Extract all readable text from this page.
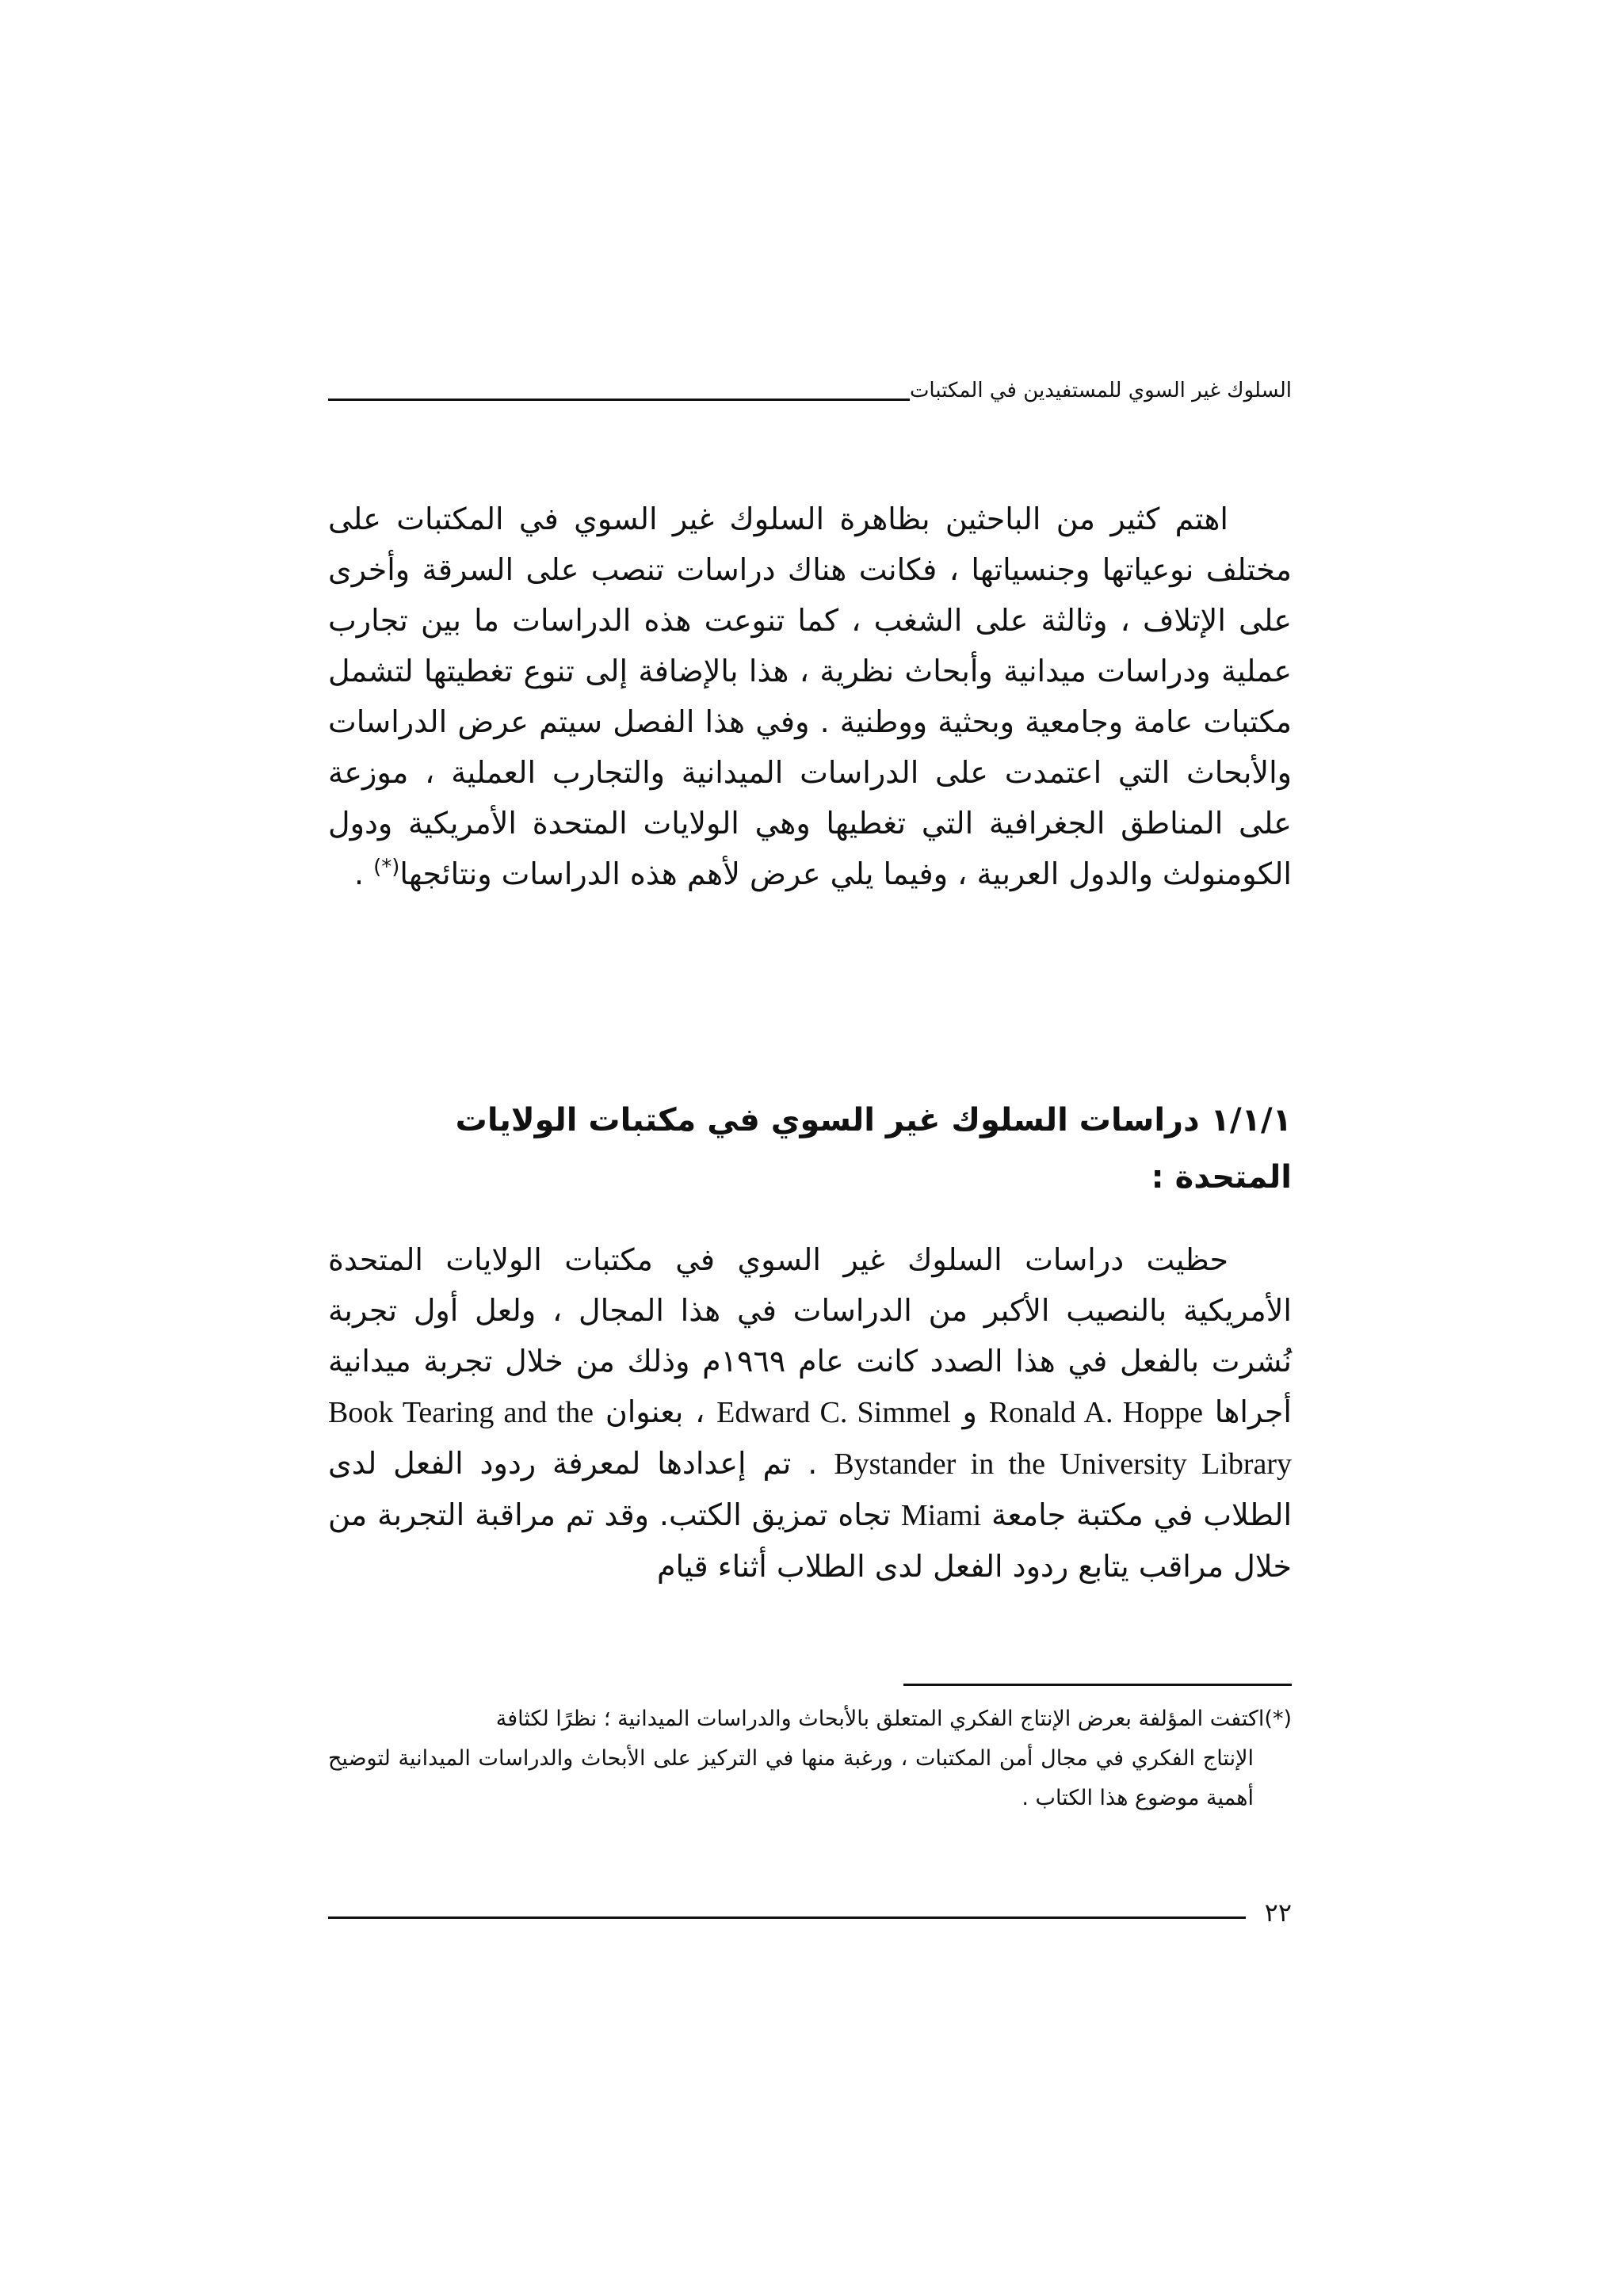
السلوك غير السوي للمستفيدين في المكتبات

اهتم كثير من الباحثين بظاهرة السلوك غير السوي في المكتبات على مختلف نوعياتها وجنسياتها ، فكانت هناك دراسات تنصب على السرقة وأخرى على الإتلاف ، وثالثة على الشغب ، كما تنوعت هذه الدراسات ما بين تجارب عملية ودراسات ميدانية وأبحاث نظرية ، هذا بالإضافة إلى تنوع تغطيتها لتشمل مكتبات عامة وجامعية وبحثية ووطنية . وفي هذا الفصل سيتم عرض الدراسات والأبحاث التي اعتمدت على الدراسات الميدانية والتجارب العملية ، موزعة على المناطق الجغرافية التي تغطيها وهي الولايات المتحدة الأمريكية ودول الكومنولث والدول العربية ، وفيما يلي عرض لأهم هذه الدراسات ونتائجها(*) .

١/١/١ دراسات السلوك غير السوي في مكتبات الولايات المتحدة :

حظيت دراسات السلوك غير السوي في مكتبات الولايات المتحدة الأمريكية بالنصيب الأكبر من الدراسات في هذا المجال ، ولعل أول تجربة نُشرت بالفعل في هذا الصدد كانت عام ١٩٦٩م وذلك من خلال تجربة ميدانية أجراها Ronald A. Hoppe و Edward C. Simmel ، بعنوان Book Tearing and the Bystander in the University Library . تم إعدادها لمعرفة ردود الفعل لدى الطلاب في مكتبة جامعة Miami تجاه تمزيق الكتب. وقد تم مراقبة التجربة من خلال مراقب يتابع ردود الفعل لدى الطلاب أثناء قيام

(*)اكتفت المؤلفة بعرض الإنتاج الفكري المتعلق بالأبحاث والدراسات الميدانية ؛ نظرًا لكثافة
الإنتاج الفكري في مجال أمن المكتبات ، ورغبة منها في التركيز على الأبحاث والدراسات الميدانية لتوضيح أهمية موضوع هذا الكتاب .
٢٢
